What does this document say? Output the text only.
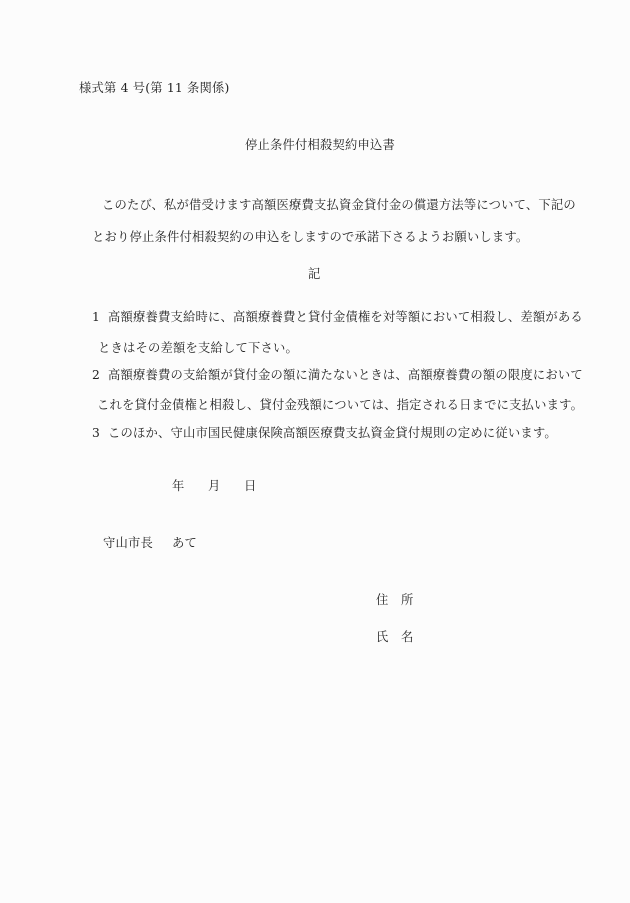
様式第 4 号(第 11 条関係)
停止条件付相殺契約申込書
このたび、私が借受けます高額医療費支払資金貸付金の償還方法等について、下記の
とおり停止条件付相殺契約の申込をしますので承諾下さるようお願いします。
記
1 高額療養費支給時に、高額療養費と貸付金債権を対等額において相殺し、差額がある
ときはその差額を支給して下さい。
2 高額療養費の支給額が貸付金の額に満たないときは、高額療養費の額の限度において
これを貸付金債権と相殺し、貸付金残額については、指定される日までに支払います。
3 このほか、守山市国民健康保険高額医療費支払資金貸付規則の定めに従います。
年 月 日
守山市長 あて
住　所
氏　名
